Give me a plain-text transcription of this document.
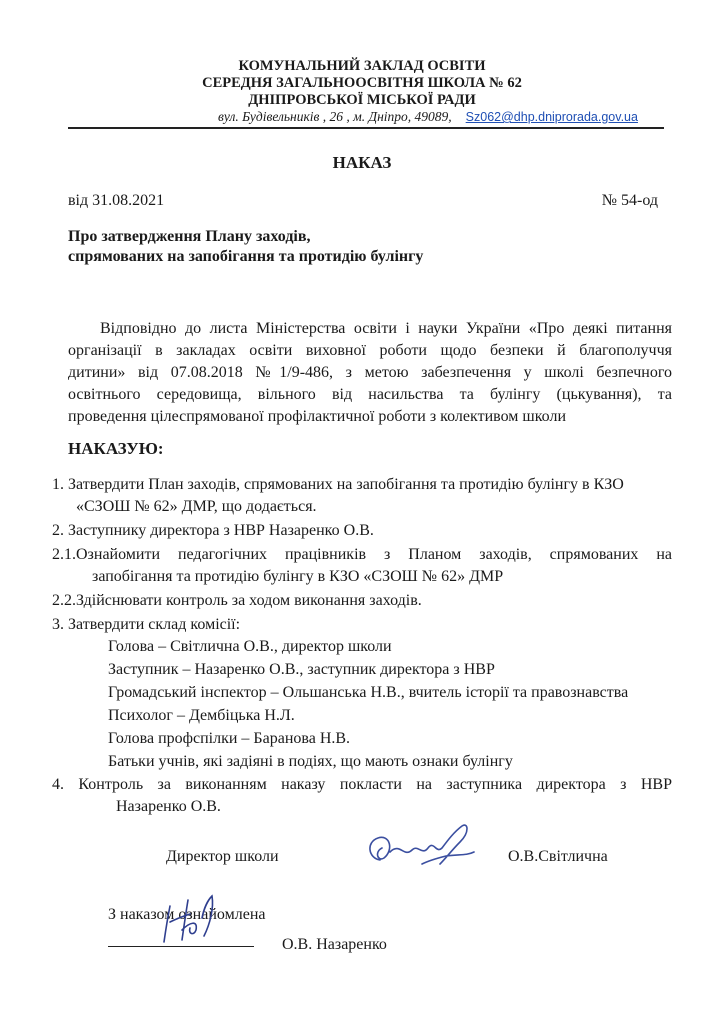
КОМУНАЛЬНИЙ ЗАКЛАД ОСВІТИ
СЕРЕДНЯ ЗАГАЛЬНООСВІТНЯ ШКОЛА № 62
ДНІПРОВСЬКОЇ МІСЬКОЇ РАДИ
вул. Будівельників , 26 , м. Дніпро, 49089, Sz062@dhp.dniprorada.gov.ua
НАКАЗ
від 31.08.2021	№ 54-од
Про затвердження Плану заходів,
спрямованих на запобігання та протидію булінгу
Відповідно до листа Міністерства освіти і науки України «Про деякі питання
організації в закладах освіти виховної роботи щодо безпеки й благополуччя
дитини» від 07.08.2018 №1/9-486, з метою забезпечення у школі безпечного
освітнього середовища, вільного від насильства та булінгу (цькування), та
проведення цілеспрямованої профілактичної роботи з колективом школи
НАКАЗУЮ:
1. Затвердити План заходів, спрямованих на запобігання та протидію булінгу в КЗО
«СЗОШ № 62» ДМР, що додається.
2. Заступнику директора з НВР Назаренко О.В.
2.1.Ознайомити педагогічних працівників з Планом заходів, спрямованих на
запобігання та протидію булінгу в КЗО «СЗОШ № 62» ДМР
2.2.Здійснювати контроль за ходом виконання заходів.
3. Затвердити склад комісії:
Голова – Світлична О.В., директор школи
Заступник – Назаренко О.В., заступник директора з НВР
Громадський інспектор – Ольшанська Н.В., вчитель історії та правознавства
Психолог – Дембіцька Н.Л.
Голова профспілки – Баранова Н.В.
Батьки учнів, які задіяні в подіях, що мають ознаки булінгу
4. Контроль за виконанням наказу покласти на заступника директора з НВР
Назаренко О.В.
Директор школи	О.В.Світлична
З наказом ознайомлена
О.В. Назаренко
